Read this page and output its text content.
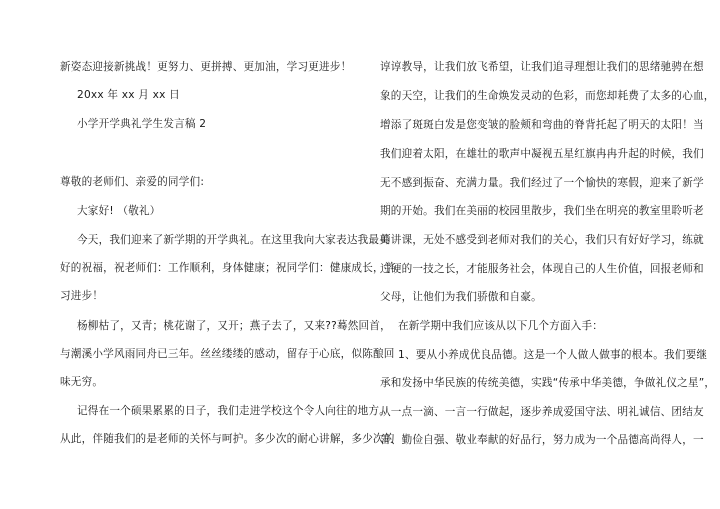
新姿态迎接新挑战！更努力、更拼搏、更加油，学习更进步！
20xx 年 xx 月 xx 日
小学开学典礼学生发言稿 2
尊敬的老师们、亲爱的同学们:
大家好! （敬礼）
今天，我们迎来了新学期的开学典礼。在这里我向大家表达我最美
好的祝福，祝老师们：工作顺利，身体健康；祝同学们：健康成长，学
习进步！
杨柳枯了，又青；桃花谢了，又开；燕子去了，又来??蓦然回首，
与潮溪小学风雨同舟已三年。丝丝缕缕的感动，留存于心底，似陈酿回
味无穷。
记得在一个硕果累累的日子，我们走进学校这个令人向往的地方。
从此，伴随我们的是老师的关怀与呵护。多少次的耐心讲解，多少次的
谆谆教导，让我们放飞希望，让我们追寻理想让我们的思绪驰骋在想
象的天空，让我们的生命焕发灵动的色彩，而您却耗费了太多的心血，
增添了斑斑白发是您变皱的脸颊和弯曲的脊背托起了明天的太阳！当
我们迎着太阳，在雄壮的歌声中凝视五星红旗冉冉升起的时候，我们
无不感到振奋、充满力量。我们经过了一个愉快的寒假，迎来了新学
期的开始。我们在美丽的校园里散步，我们坐在明亮的教室里聆听老
师讲课，无处不感受到老师对我们的关心，我们只有好好学习，练就
过硬的一技之长，才能服务社会，体现自己的人生价值，回报老师和
父母，让他们为我们骄傲和自豪。
在新学期中我们应该从以下几个方面入手：
1、要从小养成优良品德。这是一个人做人做事的根本。我们要继
承和发扬中华民族的传统美德，实践“传承中华美德，争做礼仪之星”，
从一点一滴、一言一行做起，逐步养成爱国守法、明礼诚信、团结友
善、勤俭自强、敬业奉献的好品行，努力成为一个品德高尚得人，一
